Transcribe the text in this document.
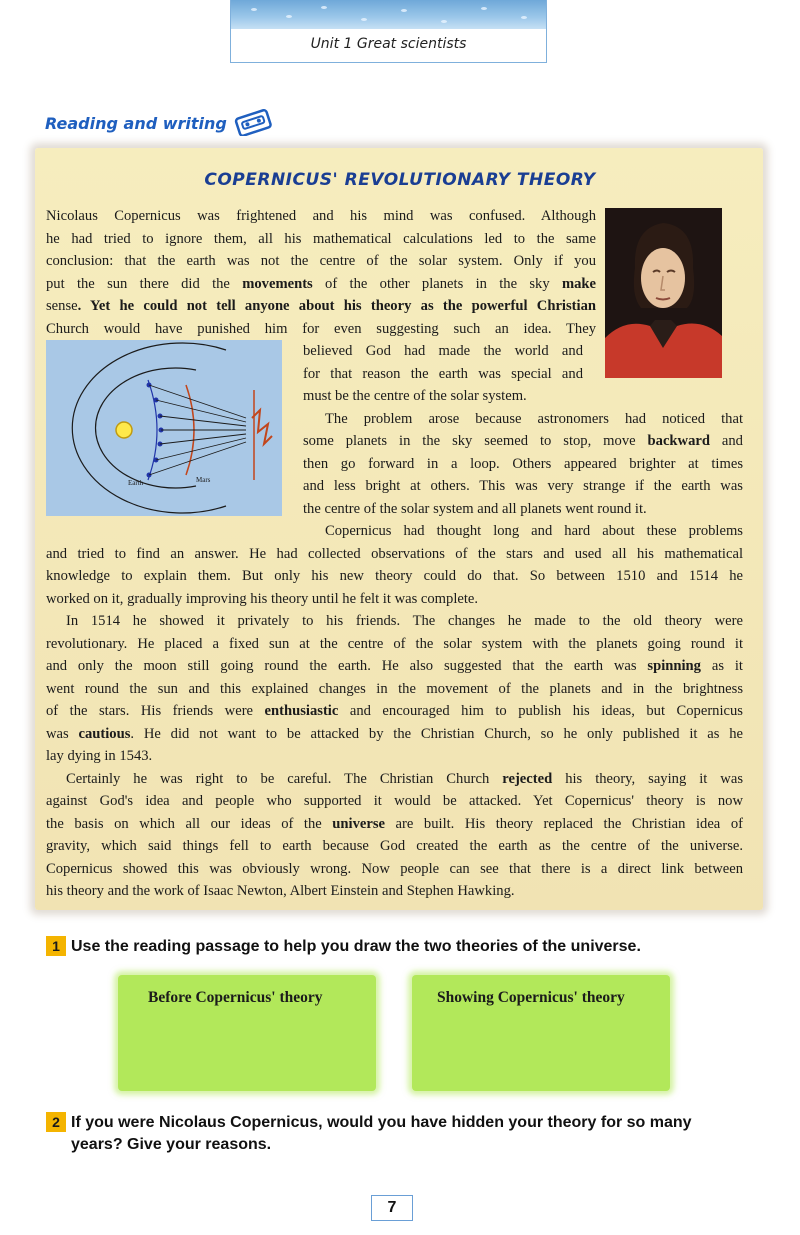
Unit 1 Great scientists
Reading and writing
COPERNICUS' REVOLUTIONARY THEORY
Earth	Mars
Nicolaus Copernicus was frightened and his mind was confused. Although
he had tried to ignore them, all his mathematical calculations led to the same
conclusion: that the earth was not the centre of the solar system. Only if you
put the sun there did the movements of the other planets in the sky make
sense. Yet he could not tell anyone about his theory as the powerful Christian
Church would have punished him for even suggesting such an idea. They
believed God had made the world and
for that reason the earth was special and
must be the centre of the solar system.
The problem arose because astronomers had noticed that
some planets in the sky seemed to stop, move backward and
then go forward in a loop. Others appeared brighter at times
and less bright at others. This was very strange if the earth was
the centre of the solar system and all planets went round it.
Copernicus had thought long and hard about these problems
and tried to find an answer. He had collected observations of the stars and used all his mathematical
knowledge to explain them. But only his new theory could do that. So between 1510 and 1514 he
worked on it, gradually improving his theory until he felt it was complete.
In 1514 he showed it privately to his friends. The changes he made to the old theory were
revolutionary. He placed a fixed sun at the centre of the solar system with the planets going round it
and only the moon still going round the earth. He also suggested that the earth was spinning as it
went round the sun and this explained changes in the movement of the planets and in the brightness
of the stars. His friends were enthusiastic and encouraged him to publish his ideas, but Copernicus
was cautious. He did not want to be attacked by the Christian Church, so he only published it as he
lay dying in 1543.
Certainly he was right to be careful. The Christian Church rejected his theory, saying it was
against God's idea and people who supported it would be attacked. Yet Copernicus' theory is now
the basis on which all our ideas of the universe are built. His theory replaced the Christian idea of
gravity, which said things fell to earth because God created the earth as the centre of the universe.
Copernicus showed this was obviously wrong. Now people can see that there is a direct link between
his theory and the work of Isaac Newton, Albert Einstein and Stephen Hawking.
1 Use the reading passage to help you draw the two theories of the universe.
Before Copernicus' theory	Showing Copernicus' theory
2 If you were Nicolaus Copernicus, would you have hidden your theory for so many
years? Give your reasons.
7
